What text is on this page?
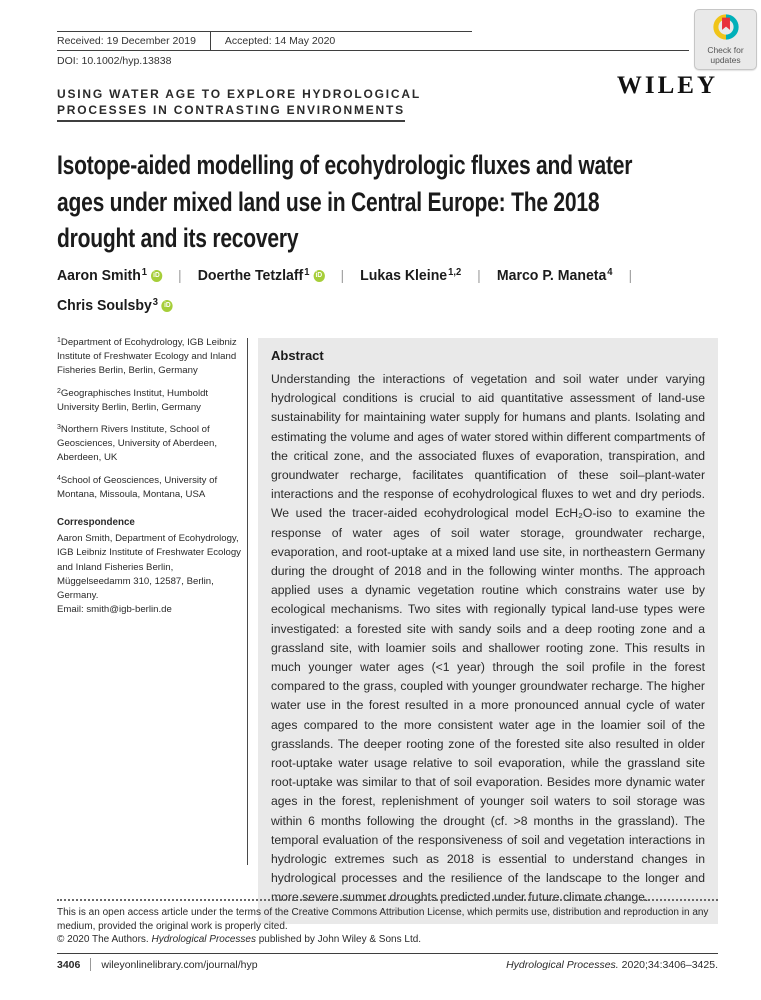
Received: 19 December 2019	Accepted: 14 May 2020
DOI: 10.1002/hyp.13838
Check for
updates
WILEY
USING WATER AGE TO EXPLORE HYDROLOGICAL
PROCESSES IN CONTRASTING ENVIRONMENTS
Isotope-aided modelling of ecohydrologic fluxes and water
ages under mixed land use in Central Europe: The 2018
drought and its recovery
Aaron Smith$^1$ iD | Doerthe Tetzlaff$^1$ iD | Lukas Kleine$^{1,2}$ | Marco P. Maneta$^4$ |
Chris Soulsby$^3$ iD

$^1$Department of Ecohydrology, IGB Leibniz Institute of Freshwater Ecology and Inland Fisheries Berlin, Berlin, Germany

$^2$Geographisches Institut, Humboldt University Berlin, Berlin, Germany

$^3$Northern Rivers Institute, School of Geosciences, University of Aberdeen, Aberdeen, UK

$^4$School of Geosciences, University of Montana, Missoula, Montana, USA

Correspondence

Aaron Smith, Department of Ecohydrology, IGB Leibniz Institute of Freshwater Ecology and Inland Fisheries Berlin, Müggelseedamm 310, 12587, Berlin, Germany.

Email: smith@igb-berlin.de

Abstract
Understanding the interactions of vegetation and soil water under varying hydrological conditions is crucial to aid quantitative assessment of land-use sustainability for maintaining water supply for humans and plants. Isolating and estimating the volume and ages of water stored within different compartments of the critical zone, and the associated fluxes of evaporation, transpiration, and groundwater recharge, facilitates quantification of these soil–plant-water interactions and the response of ecohydrological fluxes to wet and dry periods. We used the tracer-aided ecohydrological model EcH₂O-iso to examine the response of water ages of soil water storage, groundwater recharge, evaporation, and root-uptake at a mixed land use site, in northeastern Germany during the drought of 2018 and in the following winter months. The approach applied uses a dynamic vegetation routine which constrains water use by ecological mechanisms. Two sites with regionally typical land-use types were investigated: a forested site with sandy soils and a deep rooting zone and a grassland site, with loamier soils and shallower rooting zone. This results in much younger water ages (<1 year) through the soil profile in the forest compared to the grass, coupled with younger groundwater recharge. The higher water use in the forest resulted in a more pronounced annual cycle of water ages compared to the more consistent water age in the loamier soil of the grasslands. The deeper rooting zone of the forested site also resulted in older root-uptake water usage relative to soil evaporation, while the grassland site root-uptake was similar to that of soil evaporation. Besides more dynamic water ages in the forest, replenishment of younger soil waters to soil storage was within 6 months following the drought (cf. >8 months in the grassland). The temporal evaluation of the responsiveness of soil and vegetation interactions in hydrologic extremes such as 2018 is essential to understand changes in hydrological processes and the resilience of the landscape to the longer and more severe summer droughts predicted under future climate change.

This is an open access article under the terms of the Creative Commons Attribution License, which permits use, distribution and reproduction in any medium, provided the original work is properly cited.

© 2020 The Authors. Hydrological Processes published by John Wiley & Sons Ltd.

3406 wileyonlinelibrary.com/journal/hyp	Hydrological Processes. 2020;34:3406–3425.
